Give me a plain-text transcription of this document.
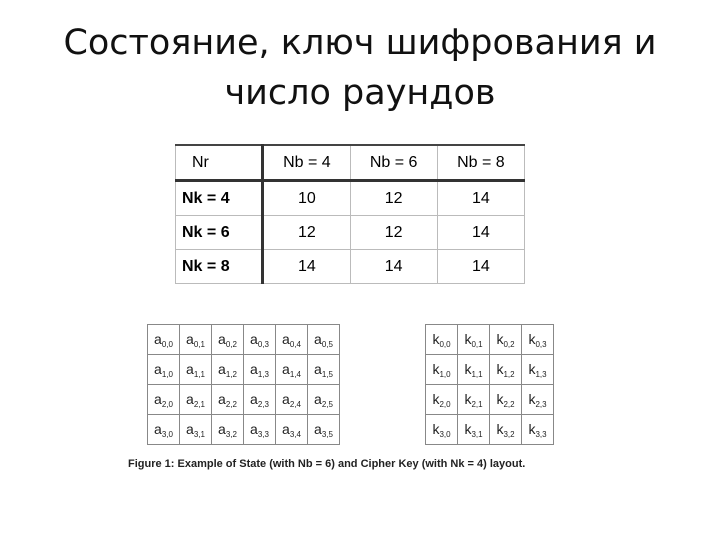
Состояние, ключ шифрования и
число раундов
Nr	Nb = 4	Nb = 6	Nb = 8
Nk = 4	10	12	14
Nk = 6	12	12	14
Nk = 8	14	14	14
$a_{0,0}$	$a_{0,1}$	$a_{0,2}$	$a_{0,3}$	$a_{0,4}$	$a_{0,5}$
$a_{1,0}$	$a_{1,1}$	$a_{1,2}$	$a_{1,3}$	$a_{1,4}$	$a_{1,5}$
$a_{2,0}$	$a_{2,1}$	$a_{2,2}$	$a_{2,3}$	$a_{2,4}$	$a_{2,5}$
$a_{3,0}$	$a_{3,1}$	$a_{3,2}$	$a_{3,3}$	$a_{3,4}$	$a_{3,5}$
$k_{0,0}$	$k_{0,1}$	$k_{0,2}$	$k_{0,3}$
$k_{1,0}$	$k_{1,1}$	$k_{1,2}$	$k_{1,3}$
$k_{2,0}$	$k_{2,1}$	$k_{2,2}$	$k_{2,3}$
$k_{3,0}$	$k_{3,1}$	$k_{3,2}$	$k_{3,3}$
Figure 1: Example of State (with Nb = 6) and Cipher Key (with Nk = 4) layout.
